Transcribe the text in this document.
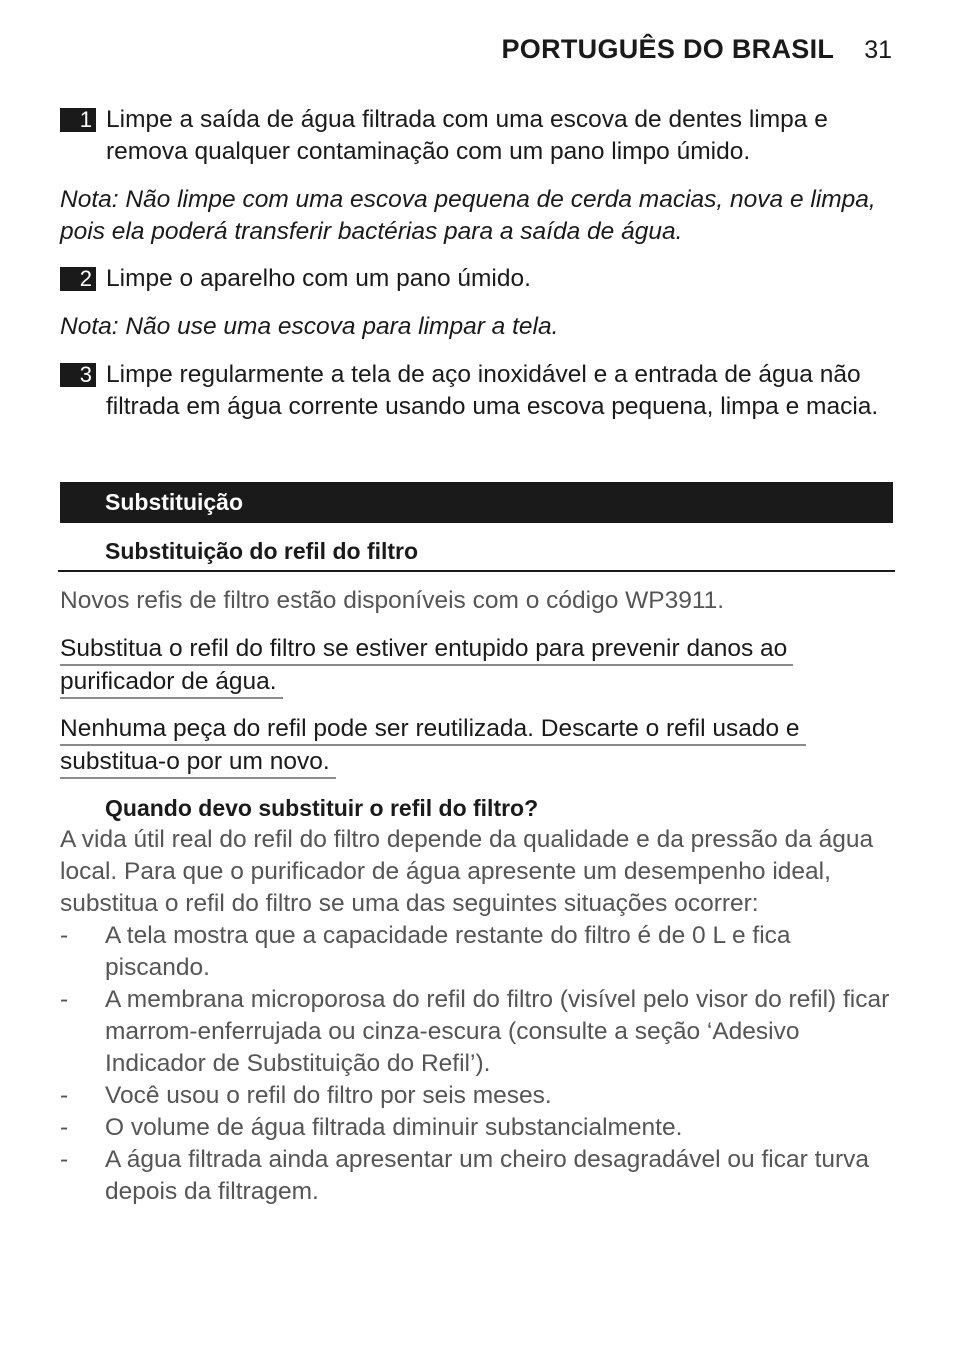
PORTUGUÊS DO BRASIL 31
1 Limpe a saída de água filtrada com uma escova de dentes limpa e remova qualquer contaminação com um pano limpo úmido.
Nota: Não limpe com uma escova pequena de cerda macias, nova e limpa, pois ela poderá transferir bactérias para a saída de água.
2 Limpe o aparelho com um pano úmido.
Nota: Não use uma escova para limpar a tela.
3 Limpe regularmente a tela de aço inoxidável e a entrada de água não filtrada em água corrente usando uma escova pequena, limpa e macia.
Substituição
Substituição do refil do filtro
Novos refis de filtro estão disponíveis com o código WP3911.
Substitua o refil do filtro se estiver entupido para prevenir danos ao
purificador de água.
Nenhuma peça do refil pode ser reutilizada. Descarte o refil usado e
substitua-o por um novo.
Quando devo substituir o refil do filtro?
A vida útil real do refil do filtro depende da qualidade e da pressão da água local. Para que o purificador de água apresente um desempenho ideal, substitua o refil do filtro se uma das seguintes situações ocorrer:
-	A tela mostra que a capacidade restante do filtro é de 0 L e fica piscando.
-	A membrana microporosa do refil do filtro (visível pelo visor do refil) ficar marrom-enferrujada ou cinza-escura (consulte a seção ‘Adesivo Indicador de Substituição do Refil’).
-	Você usou o refil do filtro por seis meses.
-	O volume de água filtrada diminuir substancialmente.
-	A água filtrada ainda apresentar um cheiro desagradável ou ficar turva depois da filtragem.
